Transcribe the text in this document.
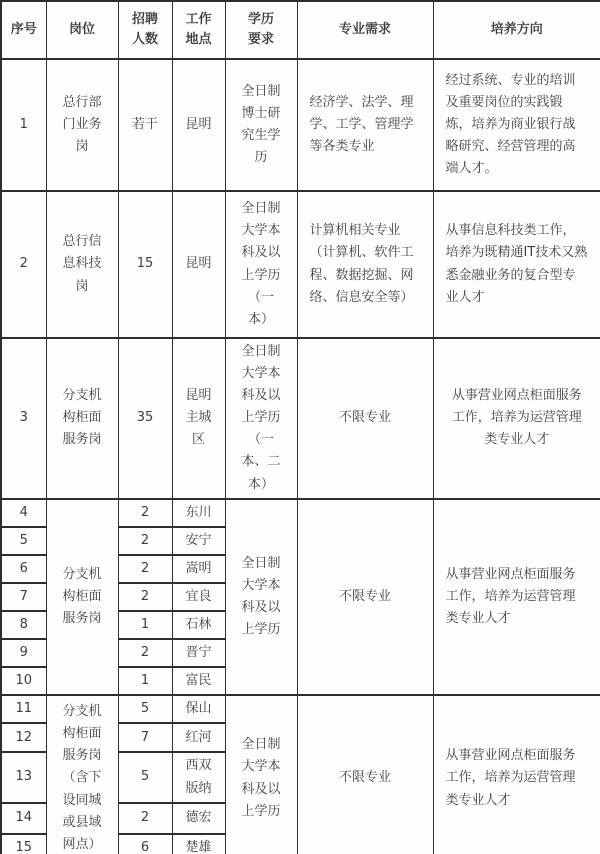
序号	岗位	招聘人数	工作地点	学历要求	专业需求	培养方向
1	总行部门业务岗	若干	昆明	全日制博士研究生学历	经济学、法学、理学、工学、管理学等各类专业	经过系统、专业的培训及重要岗位的实践锻炼，培养为商业银行战略研究、经营管理的高端人才。
2	总行信息科技岗	15	昆明	全日制大学本科及以上学历（一本）	计算机相关专业（计算机、软件工程、数据挖掘、网络、信息安全等）	从事信息科技类工作，培养为既精通IT技术又熟悉金融业务的复合型专业人才
3	分支机构柜面服务岗	35	昆明主城区	全日制大学本科及以上学历（一本、二本）	不限专业	从事营业网点柜面服务工作，培养为运营管理类专业人才
4	分支机构柜面服务岗	2	东川	全日制大学本科及以上学历	不限专业	从事营业网点柜面服务工作，培养为运营管理类专业人才
5		2	安宁			
6		2	嵩明			
7		2	宜良			
8		1	石林			
9		2	晋宁			
10		1	富民			
11	分支机构柜面服务岗（含下设同城或县域网点）	5	保山	全日制大学本科及以上学历	不限专业	从事营业网点柜面服务工作，培养为运营管理类专业人才
12		7	红河			
13		5	西双版纳			
14		2	德宏			
15		6	楚雄			
